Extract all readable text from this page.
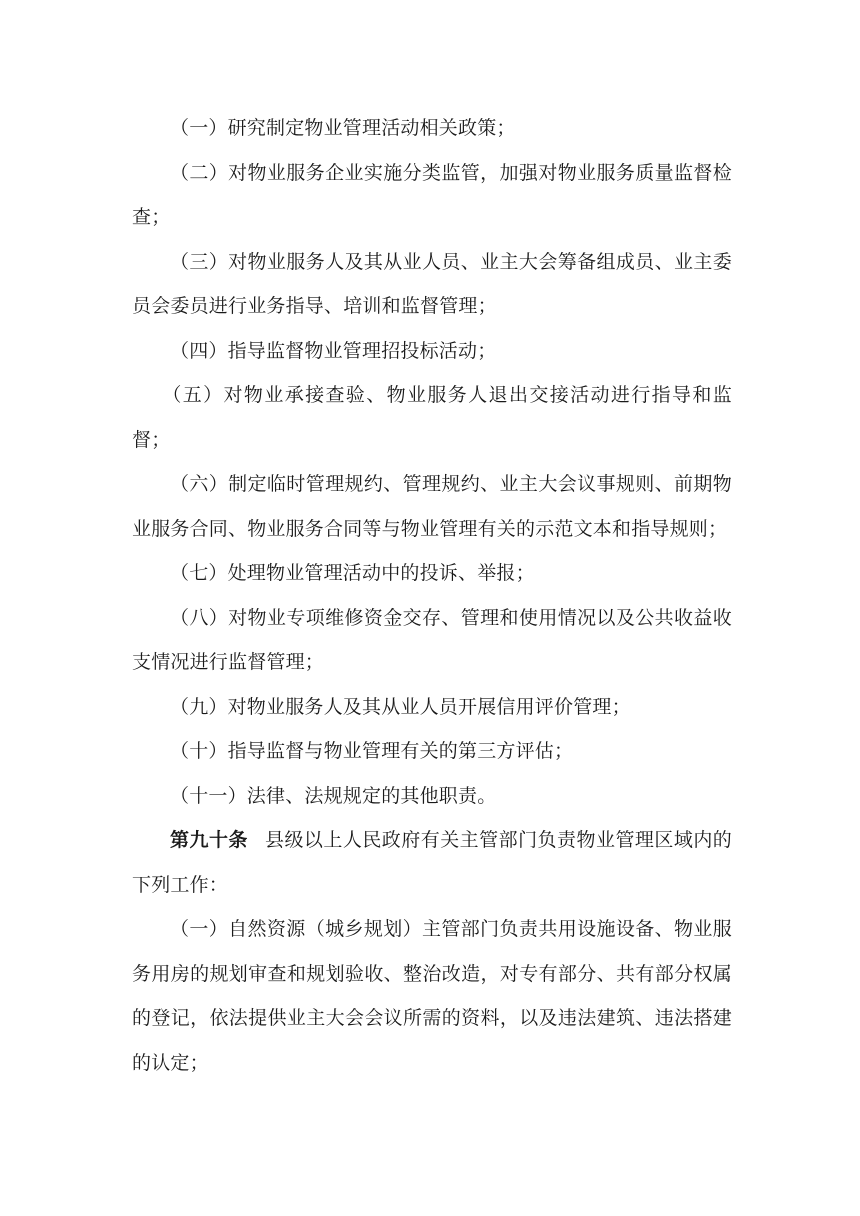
（一）研究制定物业管理活动相关政策；

（二）对物业服务企业实施分类监管，加强对物业服务质量监督检查；

（三）对物业服务人及其从业人员、业主大会筹备组成员、业主委员会委员进行业务指导、培训和监督管理；

（四）指导监督物业管理招投标活动；

（五）对物业承接查验、物业服务人退出交接活动进行指导和监督；

（六）制定临时管理规约、管理规约、业主大会议事规则、前期物业服务合同、物业服务合同等与物业管理有关的示范文本和指导规则；

（七）处理物业管理活动中的投诉、举报；

（八）对物业专项维修资金交存、管理和使用情况以及公共收益收支情况进行监督管理；

（九）对物业服务人及其从业人员开展信用评价管理；

（十）指导监督与物业管理有关的第三方评估；

（十一）法律、法规规定的其他职责。

第九十条 县级以上人民政府有关主管部门负责物业管理区域内的下列工作：

（一）自然资源（城乡规划）主管部门负责共用设施设备、物业服务用房的规划审查和规划验收、整治改造，对专有部分、共有部分权属的登记，依法提供业主大会会议所需的资料，以及违法建筑、违法搭建的认定；
